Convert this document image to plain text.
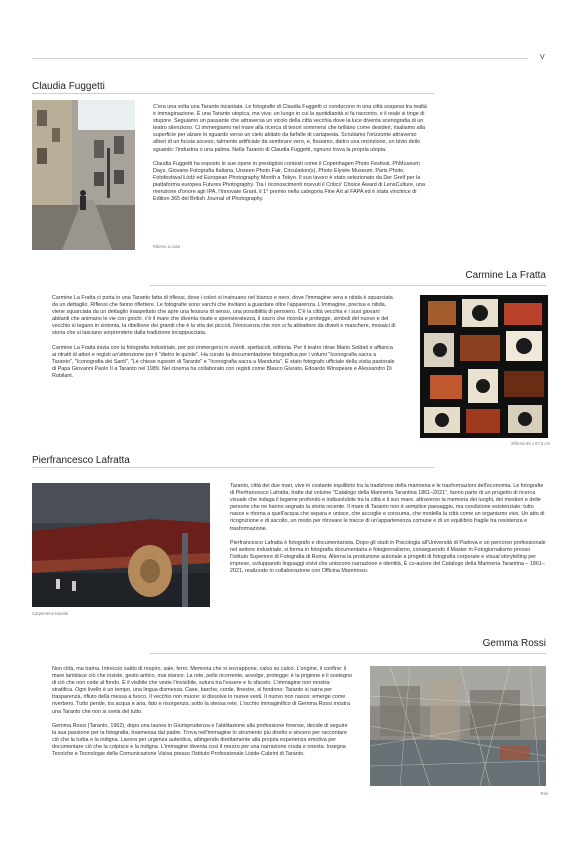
V
Claudia Fuggetti

C'era una volta una Taranto incantata. Le fotografie di Claudia Fuggetti ci conducono in una città sospesa tra realtà e immaginazione. È una Taranto utopica, ma viva: un luogo in cui la quotidianità si fa racconto, e il reale si tinge di stupore. Seguiamo un passante che attraversa un vicolo della città vecchia dove la luce diventa scenografia di un teatro silenzioso. Ci immergiamo nel mare alla ricerca di tesori sommersi che brillano come desideri, risaliamo alla superficie per alzare lo sguardo verso un cielo abitato da farfalle di cartapesta. Scrutiamo l'orizzonte attraverso alberi di un fucsia acceso, talmente artificiale da sembrare vero, e, fissiamo, dietro una recinzione, un bivio dello sguardo: l'industria o una palma. Nella Taranto di Claudia Fuggetti, ognuno trova la propria utopia.

Claudia Fuggetti ha esposto le sue opere in prestigiosi contesti come il Copenhagen Photo Festival, PhMuseum Days, Giovane Fotografia Italiana, Unseen Photo Fair, Circulation(s), Photo Elysée Museum, Paris Photo, Fotofestiwal Łódź ed European Photography Month a Tokyo. Il suo lavoro è stato selezionato da Der Greif per la piattaforma europea Futures Photography. Tra i riconoscimenti ricevuti il Critics' Choice Award di LensCulture, una menzione d'onore agli IPA, l'Innovate Grant, il 1° premio nella categoria Fine Art al FAPA ed è stata vincitrice di Edition 365 del British Journal of Photography.

Ritorno a casa
Carmine La Fratta

Carmine La Fratta ci porta in una Taranto fatta di riflessi, dove i colori si insinuano nel bianco e nero, dove l'immagine vera e nitida è squarciata da un dettaglio. Riflessi che fanno riflettere. Le fotografie sono varchi che invitano a guardare oltre l'apparenza. L'immagine, precisa e nitida, viene squarciata da un dettaglio inaspettato che apre una fessura di senso, una possibilità di pensiero. C'è la città vecchia e i suoi giovani abitanti che animano le vie con giochi, c'è il mare che diventa risate e spensieratezza, il sacro che ricorda e protegge, simboli del nuovo e del vecchio si legano in sintonia, la ribellione dei grandi che è la vita dei piccoli, l'innocenza che non si fa abbattere da divieti e maschere, mosaici di storia che si lasciano sorprendere dalla tradizione incappucciata.

Carmine La Fratta inizia con la fotografia industriale, per poi immergersi in eventi, spettacoli, editoria. Per il teatro ritrae Mario Soldati e affianca ai ritratti di attori e registi un'attenzione per il "dietro le quinte". Ha curato la documentazione fotografica per i volumi "Iconografia sacra a Taranto", "Iconografia dei Santi", "Le chiese rupestri di Taranto" e "Iconografia sacra a Manduria". È stato fotografo ufficiale della visita pastorale di Papa Giovanni Paolo II a Taranto nel 1989. Nel cinema ha collaborato con registi come Blasco Giurato, Edoardo Winspeare e Alessandro Di Robilant.

Riflessi 80 x 67,5 cm
Pierfrancesco Lafratta
Carpenteria Navale

Taranto, città dei due mari, vive in costante equilibrio tra la tradizione della marineria e le trasformazioni dell'economia. Le fotografie di Pierfrancesco Lafratta, tratte dal volume "Catalogo della Marineria Tarantina 1861–2021", fanno parte di un progetto di ricerca visuale che indaga il legame profondo e indissolubile tra la città e il suo mare, attraverso la memoria dei luoghi, dei mestieri e delle persone che ne hanno segnato la storia recente. Il mare di Taranto non è semplice paesaggio, ma condizione esistenziale: tutto nasce e ritorna a quell'acqua che separa e unisce, che accoglie e consuma, che modella la città come un organismo vivo. Un atto di ricognizione e di ascolto, un modo per ritrovare le tracce di un'appartenenza comune e di un equilibrio fragile tra resistenza e trasformazione.

Pierfrancesco Lafratta è fotografo e documentarista. Dopo gli studi in Psicologia all'Università di Padova e un percorso professionale nel settore industriale, si forma in fotografia documentaria e fotogiornalismo, conseguendo il Master in Fotogiornalismo presso l'Istituto Superiore di Fotografia di Roma. Alterna la produzione autoriale a progetti di fotografia corporate e visual storytelling per imprese, sviluppando linguaggi visivi che uniscono narrazione e identità. È co-autore del Catalogo della Marineria Tarantina – 1861–2021, realizzato in collaborazione con Officina Maremoso.

Gemma Rossi

Non città, ma trama. Intreccio saldo di respiro, sale, ferro. Memoria che si sovrappone, calco su calco. L'origine, il confine: il mare lambisce ciò che insiste, gesto antico, mai stanco. La rete, pelle ricorrente, avvolge, protegge: è la prigione e il sostegno di ciò che non cede al fondo. È il visibile che veste l'invisibile, sutura tra l'essere e lo sfacelo. L'immagine non mostra: stratifica. Ogni livello è un tempo, una lingua dismessa. Case, barche, corde, finestre, sì fondono: Taranto si narra per trasparenza, rifiuto della messa a fuoco. Il vecchio non muore: si dissolve in nuove vesti. Il nuovo non nasce: emerge come riverbero. Tutto pende, tra acqua e aria, fato e risorgenza, sotto la stessa rete. L'occhio immaginifico di Gemma Rossi mostra una Taranto che non si svela del tutto.

Gemma Rossi (Taranto, 1962), dopo una laurea in Giurisprudenza e l'abilitazione alla professione forense, decide di seguire la sua passione per la fotografia, trasmessa dal padre. Trova nell'immagine lo strumento più diretto e sincero per raccontare ciò che la turba e la indigna. Lavora per urgenza autentica, attingendo direttamente alla propria esperienza emotiva per documentare ciò che la colpisce e la indigna. L'immagine diventa così il mezzo per una narrazione cruda e onesta. Insegna Tecniche e Tecnologie della Comunicazione Visiva presso l'Istituto Professionale Liside-Cabrini di Taranto.

Reti
